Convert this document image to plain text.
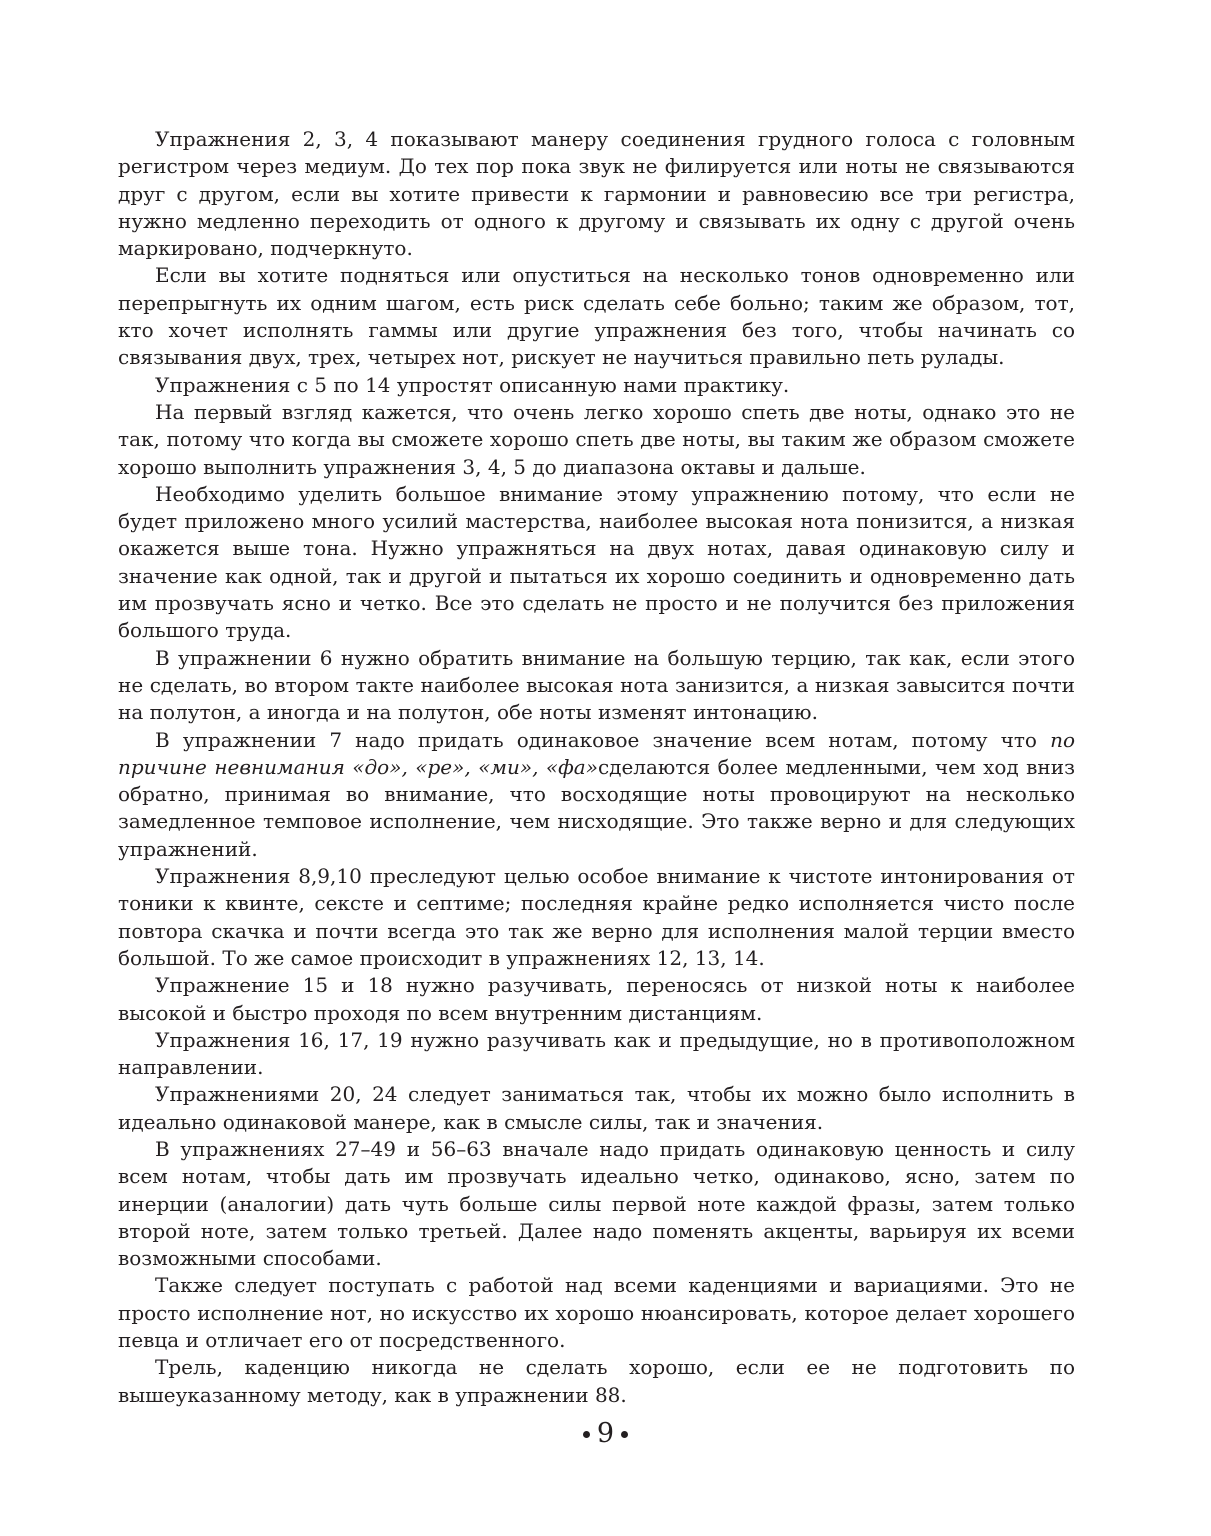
Упражнения 2, 3, 4 показывают манеру соединения грудного голоса с головным регистром через медиум. До тех пор пока звук не филируется или ноты не связываются друг с другом, если вы хотите привести к гармонии и равновесию все три регистра, нужно медленно переходить от одного к другому и связывать их одну с другой очень маркировано, подчеркнуто.

Если вы хотите подняться или опуститься на несколько тонов одновременно или перепрыгнуть их одним шагом, есть риск сделать себе больно; таким же образом, тот, кто хочет исполнять гаммы или другие упражнения без того, чтобы начинать со связывания двух, трех, четырех нот, рискует не научиться правильно петь рулады.

Упражнения с 5 по 14 упростят описанную нами практику.

На первый взгляд кажется, что очень легко хорошо спеть две ноты, однако это не так, потому что когда вы сможете хорошо спеть две ноты, вы таким же образом сможете хорошо выполнить упражнения 3, 4, 5 до диапазона октавы и дальше.

Необходимо уделить большое внимание этому упражнению потому, что если не будет приложено много усилий мастерства, наиболее высокая нота понизится, а низкая окажется выше тона. Нужно упражняться на двух нотах, давая одинаковую силу и значение как одной, так и другой и пытаться их хорошо соединить и одновременно дать им прозвучать ясно и четко. Все это сделать не просто и не получится без приложения большого труда.

В упражнении 6 нужно обратить внимание на большую терцию, так как, если этого не сделать, во втором такте наиболее высокая нота занизится, а низкая завысится почти на полутон, а иногда и на полутон, обе ноты изменят интонацию.

В упражнении 7 надо придать одинаковое значение всем нотам, потому что по причине невнимания «до», «ре», «ми», «фа»сделаются более медленными, чем ход вниз обратно, принимая во внимание, что восходящие ноты провоцируют на несколько замедленное темповое исполнение, чем нисходящие. Это также верно и для следующих упражнений.

Упражнения 8,9,10 преследуют целью особое внимание к чистоте интонирования от тоники к квинте, сексте и септиме; последняя крайне редко исполняется чисто после повтора скачка и почти всегда это так же верно для исполнения малой терции вместо большой. То же самое происходит в упражнениях 12, 13, 14.

Упражнение 15 и 18 нужно разучивать, переносясь от низкой ноты к наиболее высокой и быстро проходя по всем внутренним дистанциям.

Упражнения 16, 17, 19 нужно разучивать как и предыдущие, но в противоположном направлении.

Упражнениями 20, 24 следует заниматься так, чтобы их можно было исполнить в идеально одинаковой манере, как в смысле силы, так и значения.

В упражнениях 27–49 и 56–63 вначале надо придать одинаковую ценность и силу всем нотам, чтобы дать им прозвучать идеально четко, одинаково, ясно, затем по инерции (аналогии) дать чуть больше силы первой ноте каждой фразы, затем только второй ноте, затем только третьей. Далее надо поменять акценты, варьируя их всеми возможными способами.

Также следует поступать с работой над всеми каденциями и вариациями. Это не просто исполнение нот, но искусство их хорошо нюансировать, которое делает хорошего певца и отличает его от посредственного.

Трель, каденцию никогда не сделать хорошо, если ее не подготовить по вышеуказанному методу, как в упражнении 88.

9
